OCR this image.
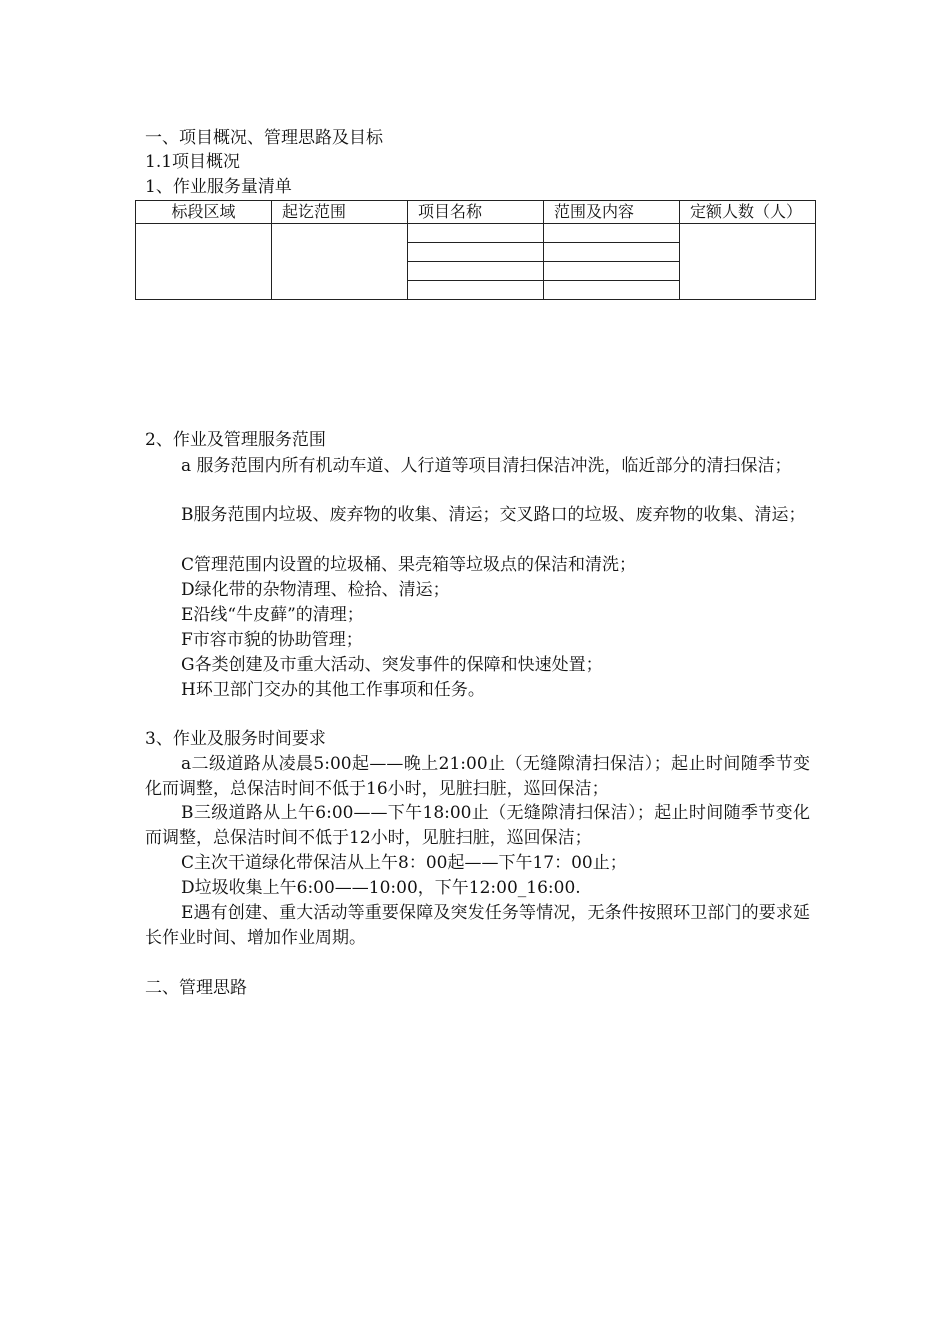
一、项目概况、管理思路及目标
1.1项目概况
1、作业服务量清单
标段区域	起讫范围	项目名称	范围及内容	定额人数（人）

2、作业及管理服务范围
a 服务范围内所有机动车道、人行道等项目清扫保洁冲洗，临近部分的清扫保洁；
B服务范围内垃圾、废弃物的收集、清运；交叉路口的垃圾、废弃物的收集、清运；
C管理范围内设置的垃圾桶、果壳箱等垃圾点的保洁和清洗；
D绿化带的杂物清理、检拾、清运；
E沿线“牛皮藓”的清理；
F市容市貌的协助管理；
G各类创建及市重大活动、突发事件的保障和快速处置；
H环卫部门交办的其他工作事项和任务。
3、作业及服务时间要求
a二级道路从凌晨5:00起——晚上21:00止（无缝隙清扫保洁）；起止时间随季节变化而调整，总保洁时间不低于16小时，见脏扫脏，巡回保洁；
B三级道路从上午6:00——下午18:00止（无缝隙清扫保洁）；起止时间随季节变化而调整，总保洁时间不低于12小时，见脏扫脏，巡回保洁；
C主次干道绿化带保洁从上午8：00起——下午17：00止；
D垃圾收集上午6:00——10:00，下午12:00_16:00.
E遇有创建、重大活动等重要保障及突发任务等情况，无条件按照环卫部门的要求延长作业时间、增加作业周期。
二、管理思路
